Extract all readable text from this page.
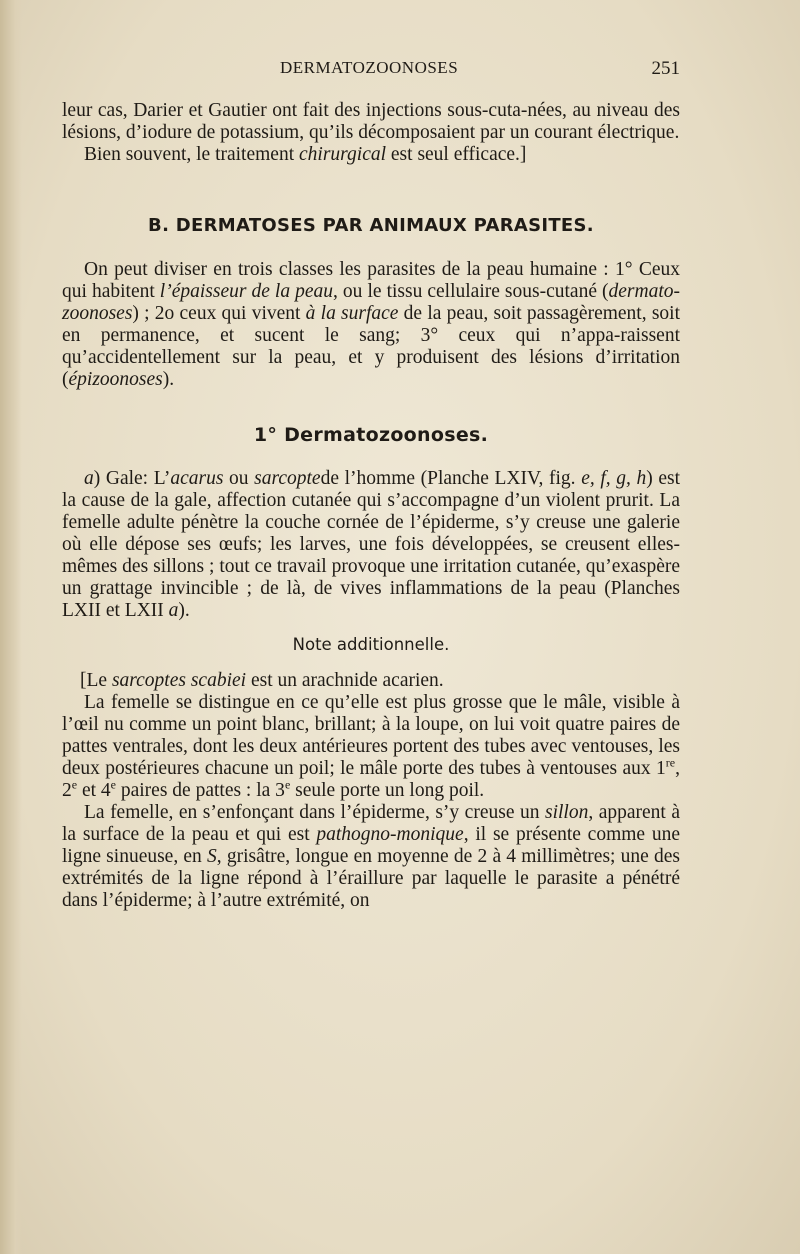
DERMATOZOONOSES	251

leur cas, Darier et Gautier ont fait des injections sous-cuta-nées, au niveau des lésions, d’iodure de potassium, qu’ils décomposaient par un courant électrique.

Bien souvent, le traitement chirurgical est seul efficace.]

B. DERMATOSES PAR ANIMAUX PARASITES.

On peut diviser en trois classes les parasites de la peau humaine : 1° Ceux qui habitent l’épaisseur de la peau, ou le tissu cellulaire sous-cutané (dermato-zoonoses) ; 2o ceux qui vivent à la surface de la peau, soit passagèrement, soit en permanence, et sucent le sang; 3° ceux qui n’appa-raissent qu’accidentellement sur la peau, et y produisent des lésions d’irritation (épizoonoses).

1° Dermatozoonoses.

a) Gale: L’acarus ou sarcoptede l’homme (Planche LXIV, fig. e, f, g, h) est la cause de la gale, affection cutanée qui s’accompagne d’un violent prurit. La femelle adulte pénètre la couche cornée de l’épiderme, s’y creuse une galerie où elle dépose ses œufs; les larves, une fois développées, se creusent elles-mêmes des sillons ; tout ce travail provoque une irritation cutanée, qu’exaspère un grattage invincible ; de là, de vives inflammations de la peau (Planches LXII et LXII a).

Note additionnelle.

[Le sarcoptes scabiei est un arachnide acarien.

La femelle se distingue en ce qu’elle est plus grosse que le mâle, visible à l’œil nu comme un point blanc, brillant; à la loupe, on lui voit quatre paires de pattes ventrales, dont les deux antérieures portent des tubes avec ventouses, les deux postérieures chacune un poil; le mâle porte des tubes à ventouses aux 1re, 2e et 4e paires de pattes : la 3e seule porte un long poil.

La femelle, en s’enfonçant dans l’épiderme, s’y creuse un sillon, apparent à la surface de la peau et qui est pathogno-monique, il se présente comme une ligne sinueuse, en S, grisâtre, longue en moyenne de 2 à 4 millimètres; une des extrémités de la ligne répond à l’éraillure par laquelle le parasite a pénétré dans l’épiderme; à l’autre extrémité, on
